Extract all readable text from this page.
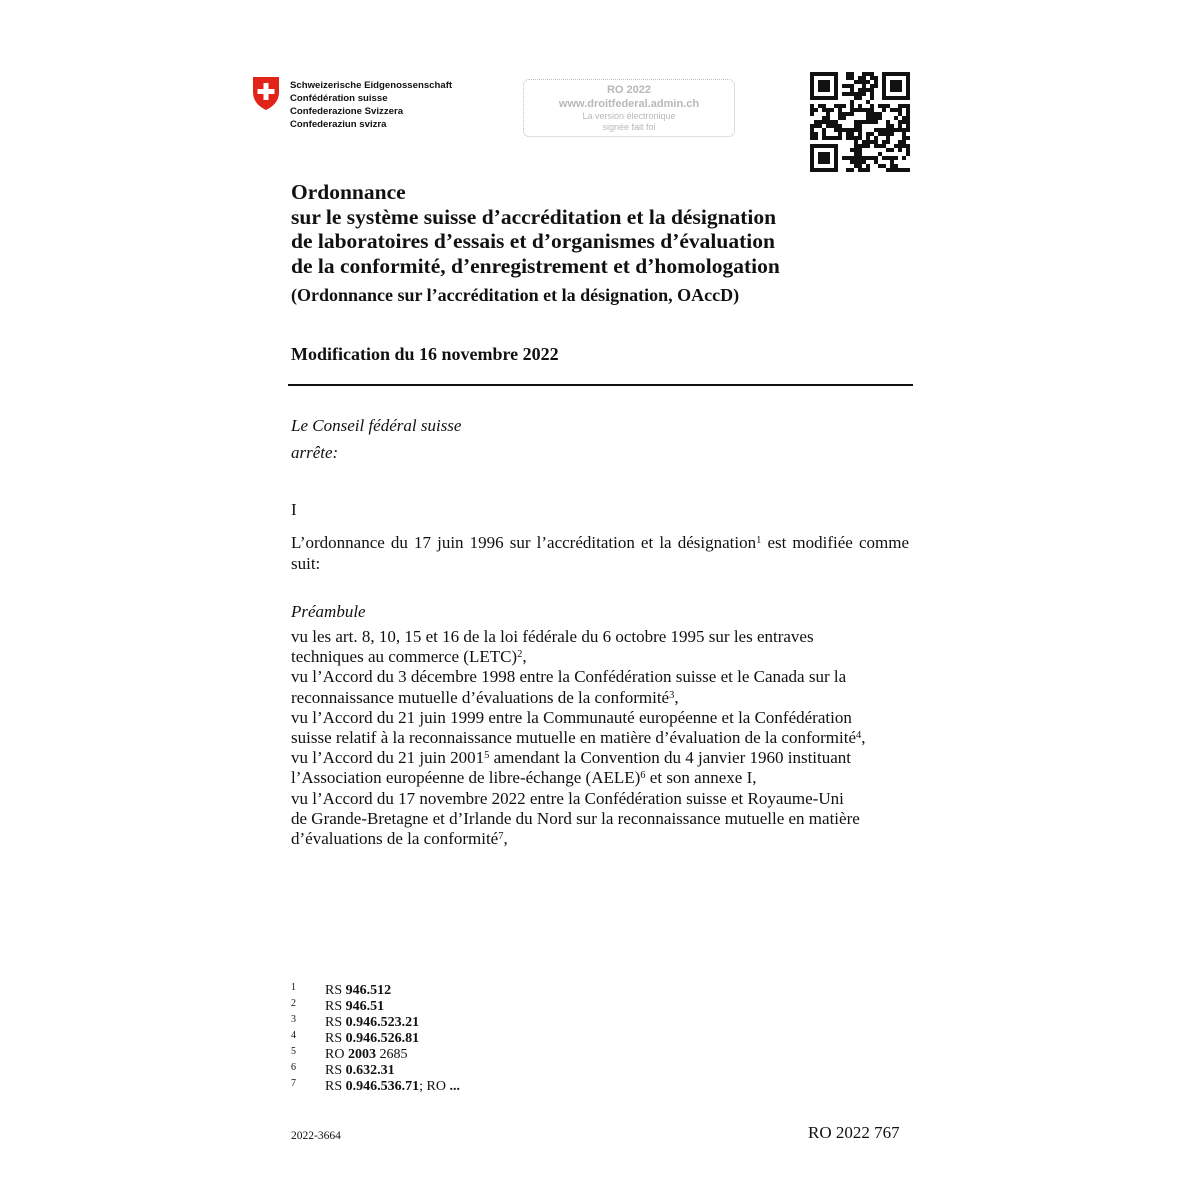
Schweizerische Eidgenossenschaft
Confédération suisse
Confederazione Svizzera
Confederaziun svizra
RO 2022
www.droitfederal.admin.ch
La version électronique
signée fait foi
Ordonnance
sur le système suisse d’accréditation et la désignation
de laboratoires d’essais et d’organismes d’évaluation
de la conformité, d’enregistrement et d’homologation
(Ordonnance sur l’accréditation et la désignation, OAccD)
Modification du 16 novembre 2022
Le Conseil fédéral suisse
arrête:
I
L’ordonnance du 17 juin 1996 sur l’accréditation et la désignation$^1$ est modifiée comme suit:
Préambule
vu les art. 8, 10, 15 et 16 de la loi fédérale du 6 octobre 1995 sur les entraves
techniques au commerce (LETC)$^2$,
vu l’Accord du 3 décembre 1998 entre la Confédération suisse et le Canada sur la
reconnaissance mutuelle d’évaluations de la conformité$^3$,
vu l’Accord du 21 juin 1999 entre la Communauté européenne et la Confédération
suisse relatif à la reconnaissance mutuelle en matière d’évaluation de la conformité$^4$,
vu l’Accord du 21 juin 2001$^5$ amendant la Convention du 4 janvier 1960 instituant
l’Association européenne de libre-échange (AELE)$^6$ et son annexe I,
vu l’Accord du 17 novembre 2022 entre la Confédération suisse et Royaume-Uni
de Grande-Bretagne et d’Irlande du Nord sur la reconnaissance mutuelle en matière
d’évaluations de la conformité$^7$,
1 RS 946.512
2 RS 946.51
3 RS 0.946.523.21
4 RS 0.946.526.81
5 RO 2003 2685
6 RS 0.632.31
7 RS 0.946.536.71; RO ...
2022-3664	RO 2022 767
